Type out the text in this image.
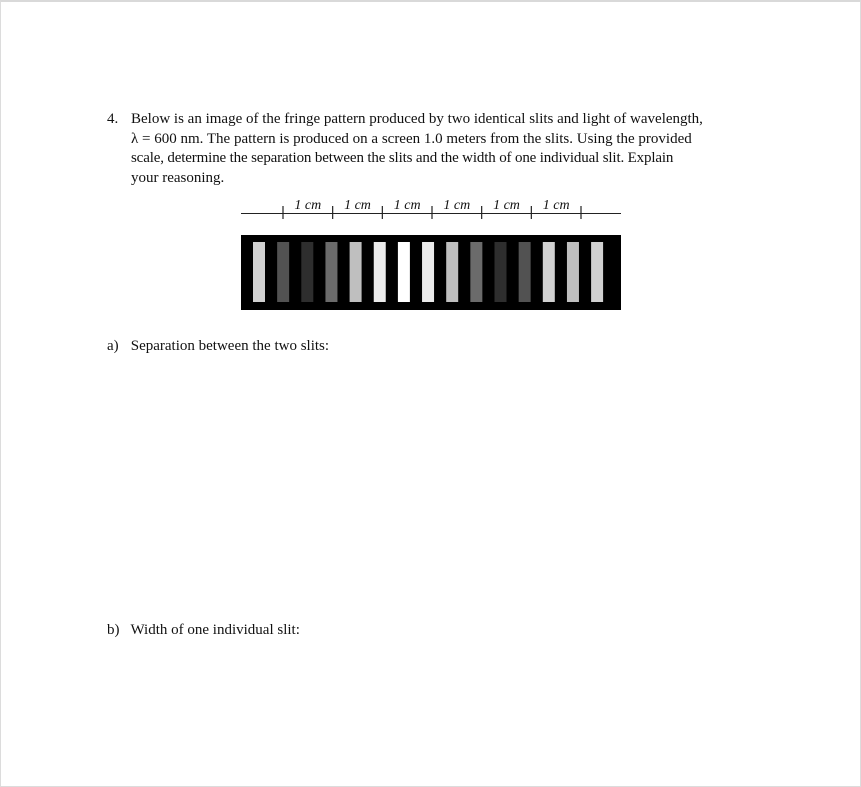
4. Below is an image of the fringe pattern produced by two identical slits and light of wavelength,
λ = 600 nm. The pattern is produced on a screen 1.0 meters from the slits. Using the provided
scale, determine the separation between the slits and the width of one individual slit. Explain
your reasoning.
1 cm 1 cm 1 cm 1 cm 1 cm 1 cm
a) Separation between the two slits:
b) Width of one individual slit:
